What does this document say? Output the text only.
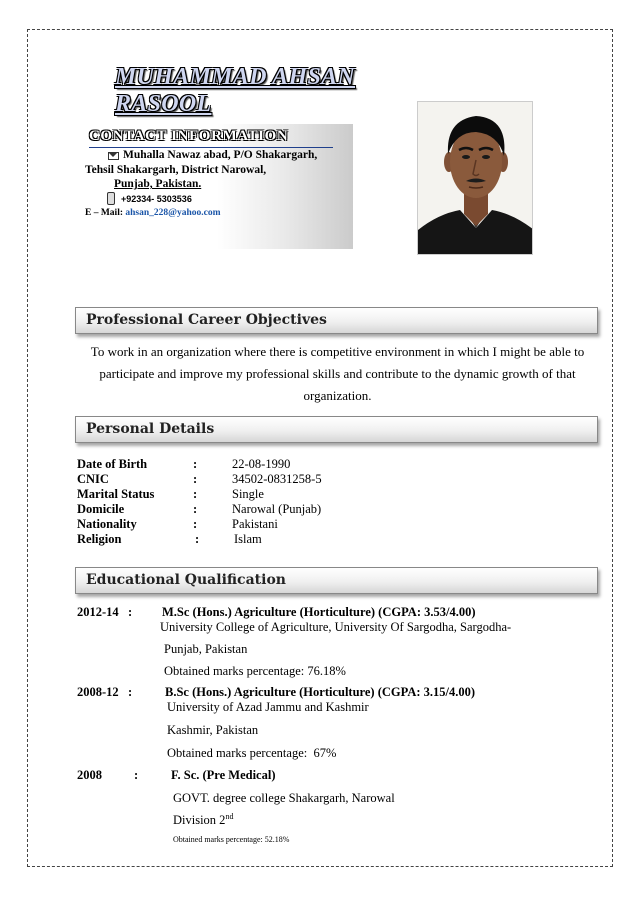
MUHAMMAD AHSAN
RASOOL
CONTACT INFORMATION
Muhalla Nawaz abad, P/O Shakargarh,
Tehsil Shakargarh, District Narowal,
Punjab, Pakistan.
+92334- 5303536
E – Mail: ahsan_228@yahoo.com
Professional Career Objectives
To work in an organization where there is competitive environment in which I might be able to participate and improve my professional skills and contribute to the dynamic growth of that organization.
Personal Details
Date of Birth	:	22-08-1990
CNIC	:	34502-0831258-5
Marital Status	:	Single
Domicile	:	Narowal (Punjab)
Nationality	:	Pakistani
Religion	:	Islam
Educational Qualification
2012-14   : M.Sc (Hons.) Agriculture (Horticulture) (CGPA: 3.53/4.00)
University College of Agriculture, University Of Sargodha, Sargodha-
Punjab, Pakistan
Obtained marks percentage: 76.18%
2008-12   :	B.Sc (Hons.) Agriculture (Horticulture) (CGPA: 3.15/4.00)
University of Azad Jammu and Kashmir
Kashmir, Pakistan
Obtained marks percentage:  67%
2008	:	F. Sc. (Pre Medical)
GOVT. degree college Shakargarh, Narowal
Division 2nd
Obtained marks percentage: 52.18%
